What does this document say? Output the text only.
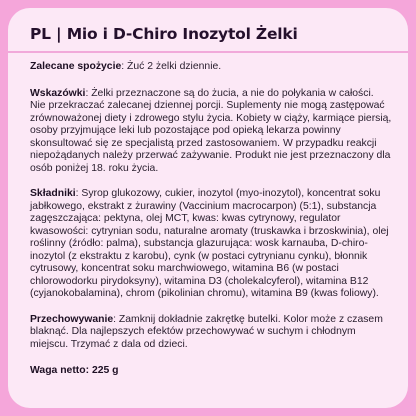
PL | Mio i D-Chiro Inozytol Żelki

Zalecane spożycie: Żuć 2 żelki dziennie.

Wskazówki: Żelki przeznaczone są do żucia, a nie do połykania w całości. Nie przekraczać zalecanej dziennej porcji. Suplementy nie mogą zastępować zrównoważonej diety i zdrowego stylu życia. Kobiety w ciąży, karmiące piersią, osoby przyjmujące leki lub pozostające pod opieką lekarza powinny skonsultować się ze specjalistą przed zastosowaniem. W przypadku reakcji niepożądanych należy przerwać zażywanie. Produkt nie jest przeznaczony dla osób poniżej 18. roku życia.

Składniki: Syrop glukozowy, cukier, inozytol (myo-inozytol), koncentrat soku jabłkowego, ekstrakt z żurawiny (Vaccinium macrocarpon) (5:1), substancja zagęszczająca: pektyna, olej MCT, kwas: kwas cytrynowy, regulator kwasowości: cytrynian sodu, naturalne aromaty (truskawka i brzoskwinia), olej roślinny (źródło: palma), substancja glazurująca: wosk karnauba, D-chiro-inozytol (z ekstraktu z karobu), cynk (w postaci cytrynianu cynku), błonnik cytrusowy, koncentrat soku marchwiowego, witamina B6 (w postaci chlorowodorku pirydoksyny), witamina D3 (cholekalcyferol), witamina B12 (cyjanokobalamina), chrom (pikolinian chromu), witamina B9 (kwas foliowy).

Przechowywanie: Zamknij dokładnie zakrętkę butelki. Kolor może z czasem blaknąć. Dla najlepszych efektów przechowywać w suchym i chłodnym miejscu. Trzymać z dala od dzieci.

Waga netto: 225 g
